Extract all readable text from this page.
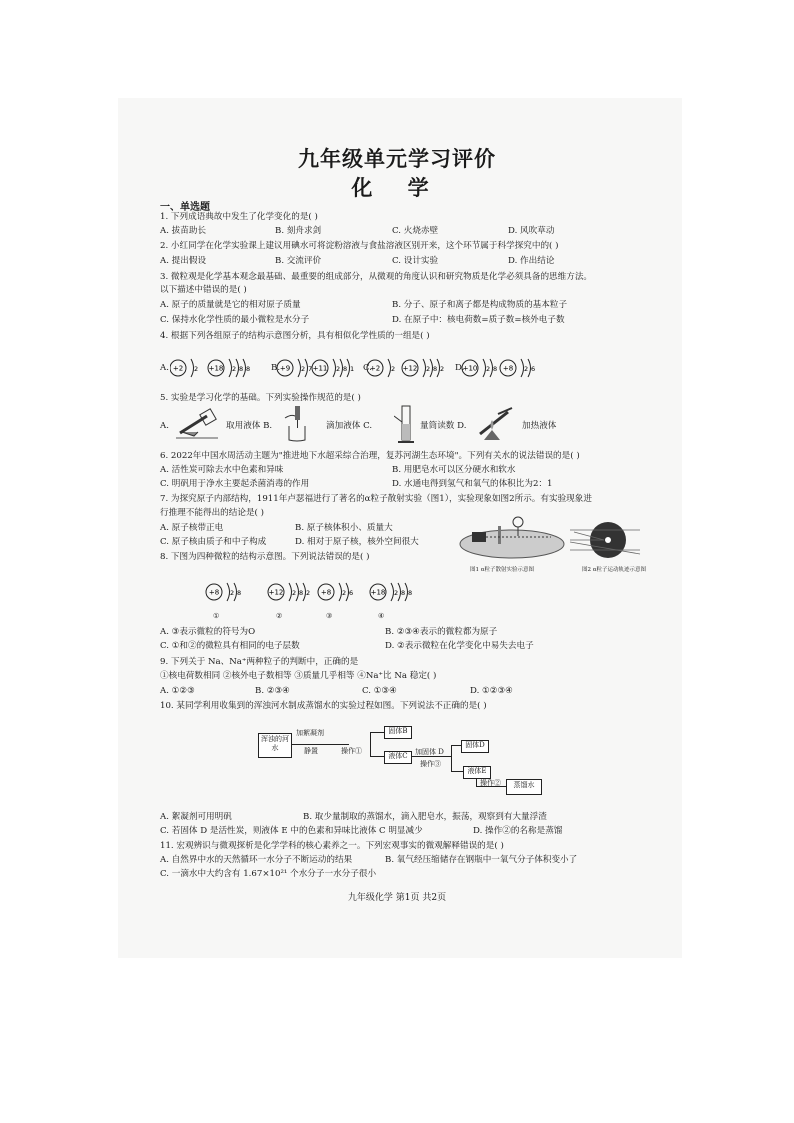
九年级单元学习评价
化 学
一、单选题
1. 下列成语典故中发生了化学变化的是( )
A. 拔苗助长	B. 刻舟求剑	C. 火烧赤壁	D. 风吹草动
2. 小红同学在化学实验课上建议用碘水可将淀粉溶液与食盐溶液区别开来，这个环节属于科学探究中的( )
A. 提出假设	B. 交流评价	C. 设计实验	D. 作出结论
3. 微粒观是化学基本观念最基础、最重要的组成部分，从微观的角度认识和研究物质是化学必须具备的思维方法。
以下描述中错误的是( )
A. 原子的质量就是它的相对原子质量	B. 分子、原子和离子都是构成物质的基本粒子
C. 保持水化学性质的最小微粒是水分子	D. 在原子中：核电荷数=质子数=核外电子数
4. 根据下列各组原子的结构示意图分析，具有相似化学性质的一组是( )
A.	B.	C.	D.
+2 2 +18 2 8 8	+9 2 7 +11 2 8 1 +2 2 +12 2 8 2	+10 2 8 +8 2 6
5. 实验是学习化学的基础。下列实验操作规范的是( )
A.	取用液体 B.	滴加液体 C.	量筒读数 D.	加热液体
6. 2022年中国水周活动主题为"推进地下水超采综合治理，复苏河湖生态环境"。下列有关水的说法错误的是( )
A. 活性炭可除去水中色素和异味	B. 用肥皂水可以区分硬水和软水
C. 明矾用于净水主要起杀菌消毒的作用	D. 水通电得到氢气和氧气的体积比为2：1
7. 为探究原子内部结构，1911年卢瑟福进行了著名的α粒子散射实验（图1），实验现象如图2所示。有实验现象进
行推理不能得出的结论是( )
A. 原子核带正电	B. 原子核体积小、质量大
C. 原子核由质子和中子构成	D. 相对于原子核，核外空间很大
图1 α粒子散射实验示意图	图2 α粒子运动轨迹示意图
8. 下图为四种微粒的结构示意图。下列说法错误的是( )
+8 2 8	+12 2 8 2 +8 2 6 +18 2 8 8
①	②	③	④
A. ③表示微粒的符号为O	B. ②③④表示的微粒都为原子
C. ①和②的微粒具有相同的电子层数	D. ②表示微粒在化学变化中易失去电子
9. 下列关于 Na、Na⁺两种粒子的判断中，正确的是
①核电荷数相同 ②核外电子数相等 ③质量几乎相等 ④Na⁺比 Na 稳定( )
A. ①②③	B. ②③④	C. ①③④	D. ①②③④
10. 某同学利用收集到的浑浊河水制成蒸馏水的实验过程如图。下列说法不正确的是( )
浑浊的河水
加絮凝剂
静置	操作①
固体B
液体C	加固体 D
操作③
固体D
液体E
操作②	蒸馏水
A. 絮凝剂可用明矾	B. 取少量制取的蒸馏水，滴入肥皂水，振荡，观察到有大量浮渣
C. 若固体 D 是活性炭，则液体 E 中的色素和异味比液体 C 明显减少	D. 操作②的名称是蒸馏
11. 宏观辨识与微观探析是化学学科的核心素养之一。下列宏观事实的微观解释错误的是( )
A. 自然界中水的天然循环一水分子不断运动的结果	B. 氧气经压缩储存在钢瓶中一氧气分子体积变小了
C. 一滴水中大约含有 1.67×10²¹ 个水分子一水分子很小
九年级化学 第1页 共2页
